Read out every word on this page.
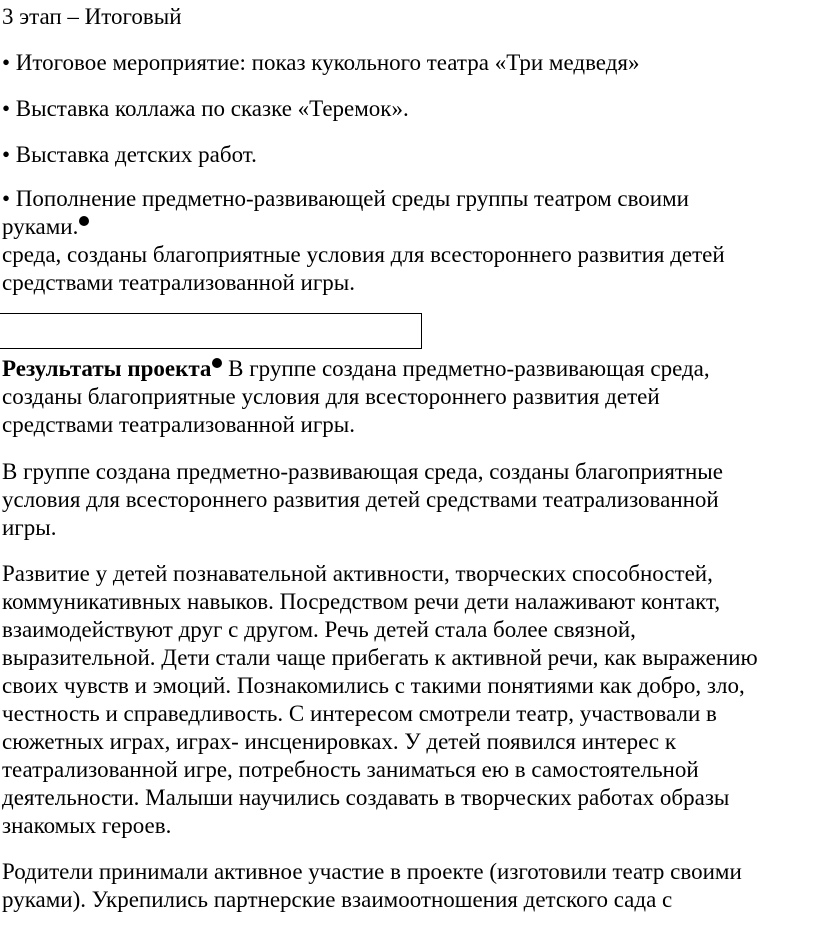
3 этап – Итоговый
• Итоговое мероприятие: показ кукольного театра «Три медведя»
• Выставка коллажа по сказке «Теремок».
• Выставка детских работ.
• Пополнение предметно-развивающей среды группы театром своими
руками.
среда, созданы благоприятные условия для всестороннего развития детей
средствами театрализованной игры.
Результаты проекта В группе создана предметно-развивающая среда,
созданы благоприятные условия для всестороннего развития детей
средствами театрализованной игры.
В группе создана предметно-развивающая среда, созданы благоприятные
условия для всестороннего развития детей средствами театрализованной
игры.
Развитие у детей познавательной активности, творческих способностей,
коммуникативных навыков. Посредством речи дети налаживают контакт,
взаимодействуют друг с другом. Речь детей стала более связной,
выразительной. Дети стали чаще прибегать к активной речи, как выражению
своих чувств и эмоций. Познакомились с такими понятиями как добро, зло,
честность и справедливость. С интересом смотрели театр, участвовали в
сюжетных играх, играх- инсценировках. У детей появился интерес к
театрализованной игре, потребность заниматься ею в самостоятельной
деятельности. Малыши научились создавать в творческих работах образы
знакомых героев.
Родители принимали активное участие в проекте (изготовили театр своими
руками). Укрепились партнерские взаимоотношения детского сада с
